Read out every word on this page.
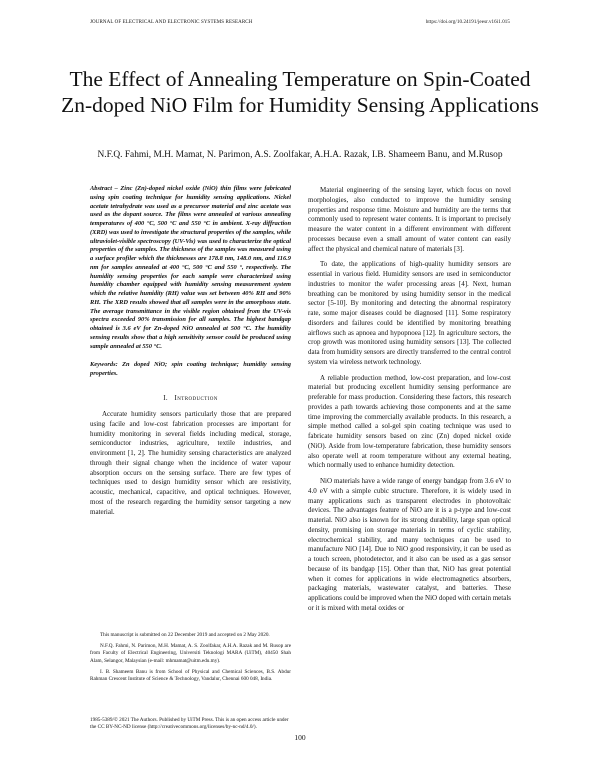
JOURNAL OF ELECTRICAL AND ELECTRONIC SYSTEMS RESEARCH	https://doi.org/10.24191/jeesr.v16i1.015
The Effect of Annealing Temperature on Spin-Coated Zn-doped NiO Film for Humidity Sensing Applications
N.F.Q. Fahmi, M.H. Mamat, N. Parimon, A.S. Zoolfakar, A.H.A. Razak, I.B. Shameem Banu, and M.Rusop

Abstract – Zinc (Zn)-doped nickel oxide (NiO) thin films were fabricated using spin coating technique for humidity sensing applications. Nickel acetate tetrahydrate was used as a precursor material and zinc acetate was used as the dopant source. The films were annealed at various annealing temperatures of 400 °C, 500 °C and 550 °C in ambient. X-ray diffraction (XRD) was used to investigate the structural properties of the samples, while ultraviolet-visible spectroscopy (UV-Vis) was used to characterize the optical properties of the samples. The thickness of the samples was measured using a surface profiler which the thicknesses are 178.8 nm, 148.0 nm, and 116.9 nm for samples annealed at 400 °C, 500 °C and 550 °, respectively. The humidity sensing properties for each sample were characterized using humidity chamber equipped with humidity sensing measurement system which the relative humidity (RH) value was set between 40% RH and 90% RH. The XRD results showed that all samples were in the amorphous state. The average transmittance in the visible region obtained from the UV-vis spectra exceeded 90% transmission for all samples. The highest bandgap obtained is 3.6 eV for Zn-doped NiO annealed at 500 °C. The humidity sensing results show that a high sensitivity sensor could be produced using sample annealed at 550 °C.

Keywords: Zn doped NiO; spin coating technique; humidity sensing properties.

I. Introduction

Accurate humidity sensors particularly those that are prepared using facile and low-cost fabrication processes are important for humidity monitoring in several fields including medical, storage, semiconductor industries, agriculture, textile industries, and environment [1, 2]. The humidity sensing characteristics are analyzed through their signal change when the incidence of water vapour absorption occurs on the sensing surface. There are few types of techniques used to design humidity sensor which are resistivity, acoustic, mechanical, capacitive, and optical techniques. However, most of the research regarding the humidity sensor targeting a new material.

This manuscript is submitted on 22 December 2019 and accepted on 2 May 2020.

N.F.Q. Fahmi, N. Parimon, M.H. Mamat, A. S. Zoolfakar, A.H.A. Razak and M. Rusop are from Faculty of Electrical Engineering, Universiti Teknologi MARA (UiTM), 40450 Shah Alam, Selangor, Malaysian (e-mail: mhmamat@uitm.edu.my).

I. B. Shameem Banu is from School of Physical and Chemical Sciences, B.S. Abdur Rahman Crescent Institute of Science & Technology, Vandalur, Chennai 600 048, India.

1985-5389/© 2021 The Authors. Published by UiTM Press. This is an open access article under the CC BY-NC-ND license (http://creativecommons.org/licenses/by-nc-nd/4.0/).

Material engineering of the sensing layer, which focus on novel morphologies, also conducted to improve the humidity sensing properties and response time. Moisture and humidity are the terms that commonly used to represent water contents. It is important to precisely measure the water content in a different environment with different processes because even a small amount of water content can easily affect the physical and chemical nature of materials [3].

To date, the applications of high-quality humidity sensors are essential in various field. Humidity sensors are used in semiconductor industries to monitor the wafer processing areas [4]. Next, human breathing can be monitored by using humidity sensor in the medical sector [5-10]. By monitoring and detecting the abnormal respiratory rate, some major diseases could be diagnosed [11]. Some respiratory disorders and failures could be identified by monitoring breathing airflows such as apnoea and hypopnoea [12]. In agriculture sectors, the crop growth was monitored using humidity sensors [13]. The collected data from humidity sensors are directly transferred to the central control system via wireless network technology.

A reliable production method, low-cost preparation, and low-cost material but producing excellent humidity sensing performance are preferable for mass production. Considering these factors, this research provides a path towards achieving those components and at the same time improving the commercially available products. In this research, a simple method called a sol-gel spin coating technique was used to fabricate humidity sensors based on zinc (Zn) doped nickel oxide (NiO). Aside from low-temperature fabrication, these humidity sensors also operate well at room temperature without any external heating, which normally used to enhance humidity detection.

NiO materials have a wide range of energy bandgap from 3.6 eV to 4.0 eV with a simple cubic structure. Therefore, it is widely used in many applications such as transparent electrodes in photovoltaic devices. The advantages feature of NiO are it is a p-type and low-cost material. NiO also is known for its strong durability, large span optical density, promising ion storage materials in terms of cyclic stability, electrochemical stability, and many techniques can be used to manufacture NiO [14]. Due to NiO good responsivity, it can be used as a touch screen, photodetector, and it also can be used as a gas sensor because of its bandgap [15]. Other than that, NiO has great potential when it comes for applications in wide electromagnetics absorbers, packaging materials, wastewater catalyst, and batteries. These applications could be improved when the NiO doped with certain metals or it is mixed with metal oxides or

100
